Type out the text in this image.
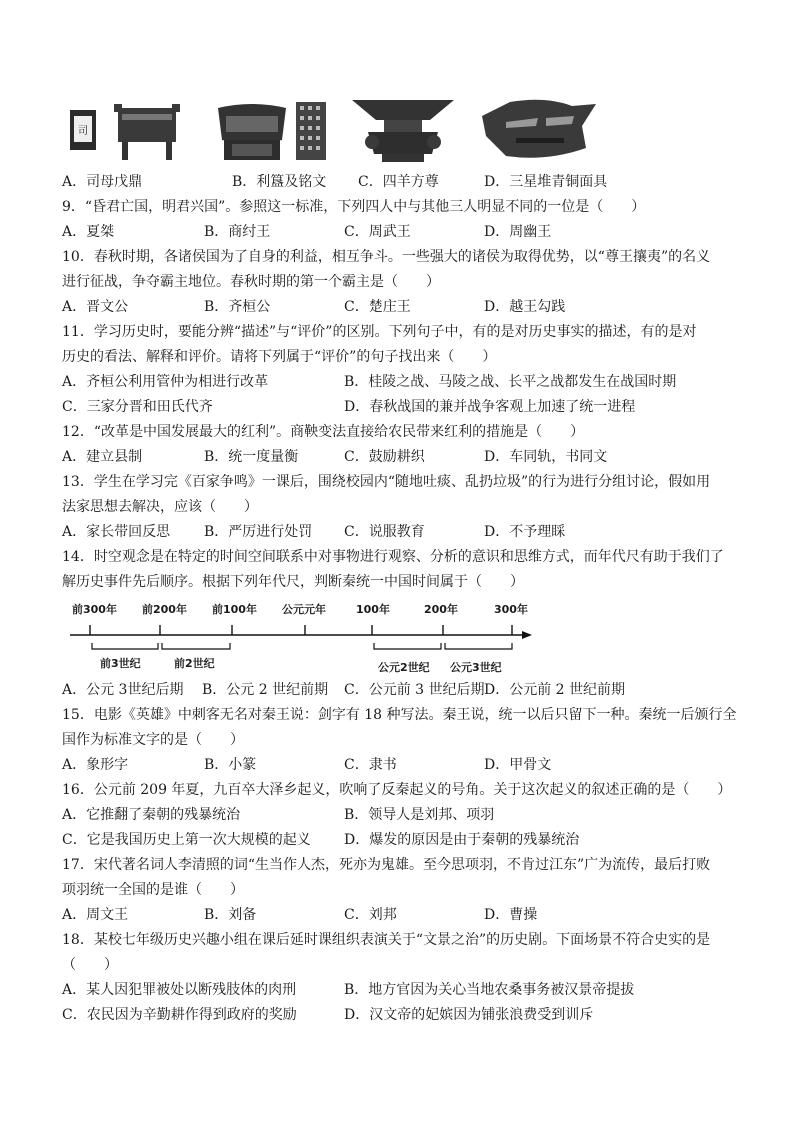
司
A．司母戊鼎	B．利簋及铭文 C．四羊方尊	D．三星堆青铜面具
9．“昏君亡国，明君兴国”。参照这一标准，下列四人中与其他三人明显不同的一位是（　　）
A．夏桀	B．商纣王	C．周武王	D．周幽王
10．春秋时期，各诸侯国为了自身的利益，相互争斗。一些强大的诸侯为取得优势，以“尊王攘夷”的名义
进行征战，争夺霸主地位。春秋时期的第一个霸主是（　　）
A．晋文公	B．齐桓公	C．楚庄王	D．越王勾践
11．学习历史时，要能分辨“描述”与“评价”的区别。下列句子中，有的是对历史事实的描述，有的是对
历史的看法、解释和评价。请将下列属于“评价”的句子找出来（　　）
A．齐桓公利用管仲为相进行改革	B．桂陵之战、马陵之战、长平之战都发生在战国时期
C．三家分晋和田氏代齐	D．春秋战国的兼并战争客观上加速了统一进程
12．“改革是中国发展最大的红利”。商鞅变法直接给农民带来红利的措施是（　　）
A．建立县制	B．统一度量衡	C．鼓励耕织	D．车同轨，书同文
13．学生在学习完《百家争鸣》一课后，围绕校园内“随地吐痰、乱扔垃圾”的行为进行分组讨论，假如用
法家思想去解决，应该（　　）
A．家长带回反思 B．严厉进行处罚 C．说服教育	D．不予理睬
14．时空观念是在特定的时间空间联系中对事物进行观察、分析的意识和思维方式，而年代尺有助于我们了
解历史事件先后顺序。根据下列年代尺，判断秦统一中国时间属于（　　）
前300年 前200年 前100年 公元元年	100年	200年	300年
前3世纪	前2世纪	公元2世纪 公元3世纪
A．公元 3世纪后期 B．公元 2 世纪前期 C．公元前 3 世纪后期 D．公元前 2 世纪前期
15．电影《英雄》中刺客无名对秦王说：剑字有 18 种写法。秦王说，统一以后只留下一种。秦统一后颁行全
国作为标准文字的是（　　）
A．象形字	B．小篆	C．隶书	D．甲骨文
16．公元前 209 年夏，九百卒大泽乡起义，吹响了反秦起义的号角。关于这次起义的叙述正确的是（　　）
A．它推翻了秦朝的残暴统治	B．领导人是刘邦、项羽
C．它是我国历史上第一次大规模的起义 D．爆发的原因是由于秦朝的残暴统治
17．宋代著名词人李清照的词“生当作人杰，死亦为鬼雄。至今思项羽，不肯过江东”广为流传，最后打败
项羽统一全国的是谁（　　）
A．周文王	B．刘备	C．刘邦	D．曹操
18．某校七年级历史兴趣小组在课后延时课组织表演关于“文景之治”的历史剧。下面场景不符合史实的是
（　　）
A．某人因犯罪被处以断残肢体的肉刑	B．地方官因为关心当地农桑事务被汉景帝提拔
C．农民因为辛勤耕作得到政府的奖励	D．汉文帝的妃嫔因为铺张浪费受到训斥
